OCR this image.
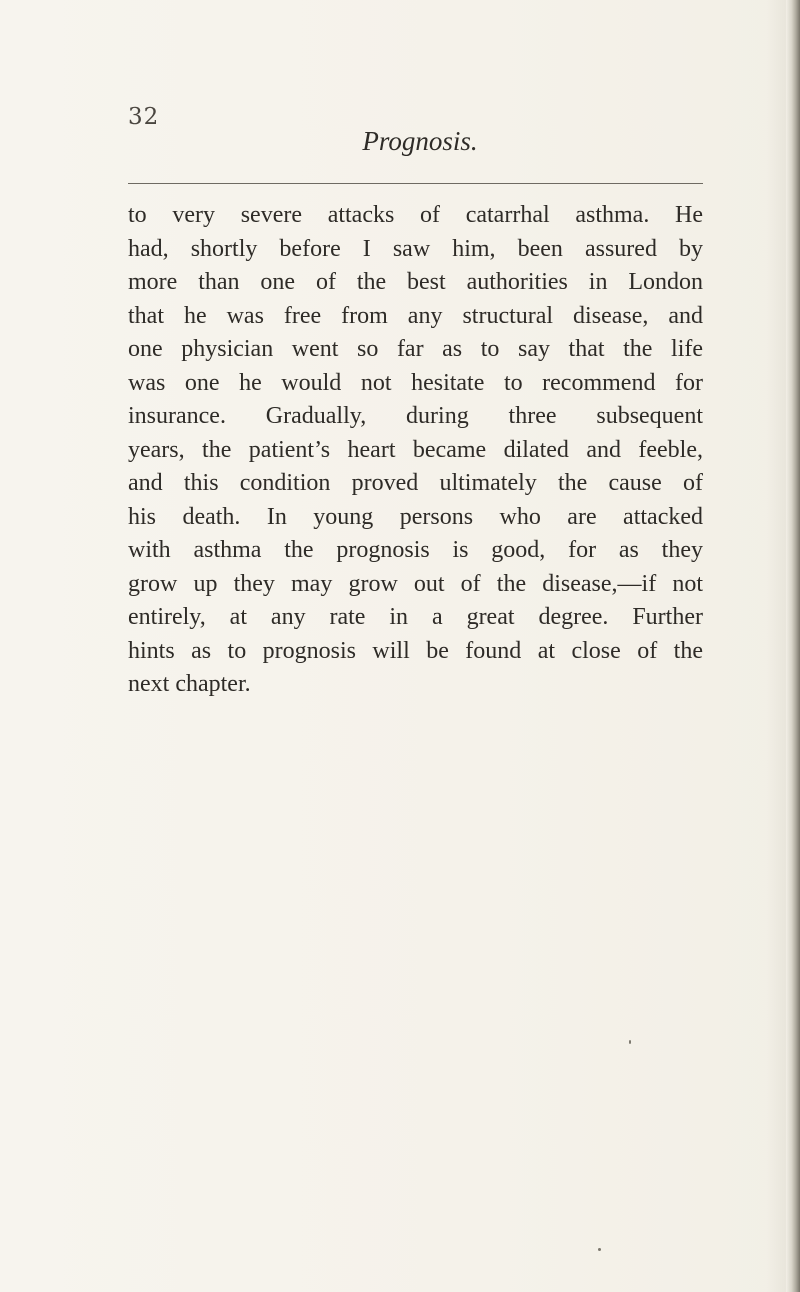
32
Prognosis.
to very severe attacks of catarrhal asthma. He
had, shortly before I saw him, been assured by
more than one of the best authorities in London
that he was free from any structural disease, and
one physician went so far as to say that the life
was one he would not hesitate to recommend for
insurance. Gradually, during three subsequent
years, the patient’s heart became dilated and feeble,
and this condition proved ultimately the cause of
his death. In young persons who are attacked
with asthma the prognosis is good, for as they
grow up they may grow out of the disease,—if not
entirely, at any rate in a great degree. Further
hints as to prognosis will be found at close of the
next chapter.
